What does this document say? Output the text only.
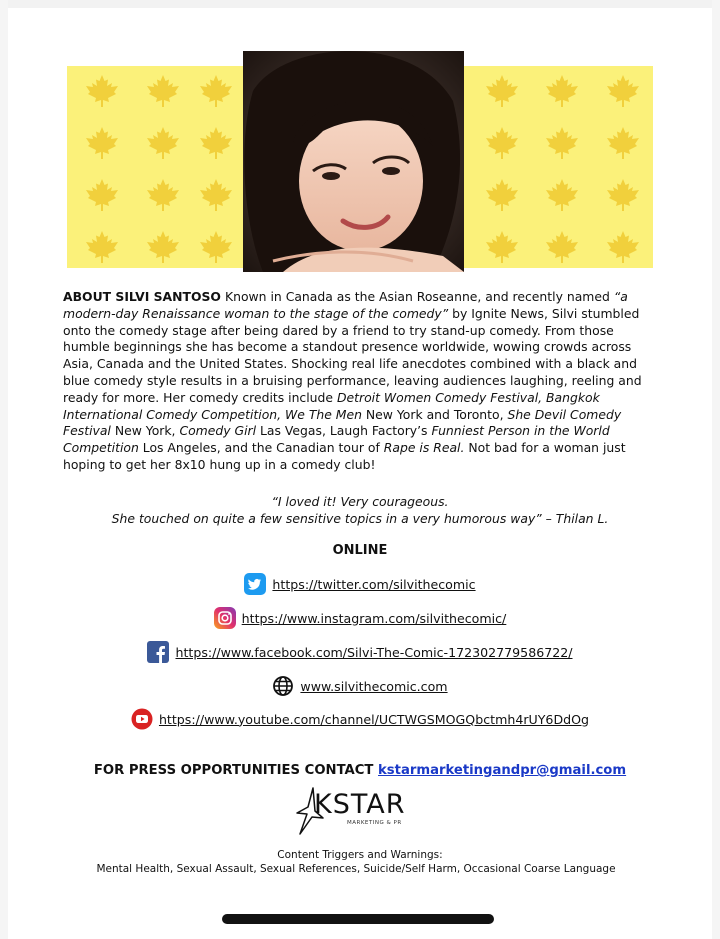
ABOUT SILVI SANTOSO Known in Canada as the Asian Roseanne, and recently named “a modern-day Renaissance woman to the stage of the comedy” by Ignite News, Silvi stumbled onto the comedy stage after being dared by a friend to try stand-up comedy. From those humble beginnings she has become a standout presence worldwide, wowing crowds across Asia, Canada and the United States. Shocking real life anecdotes combined with a black and blue comedy style results in a bruising performance, leaving audiences laughing, reeling and ready for more. Her comedy credits include Detroit Women Comedy Festival, Bangkok International Comedy Competition, We The Men New York and Toronto, She Devil Comedy Festival New York, Comedy Girl Las Vegas, Laugh Factory’s Funniest Person in the World Competition Los Angeles, and the Canadian tour of Rape is Real. Not bad for a woman just hoping to get her 8x10 hung up in a comedy club!
“I loved it! Very courageous.
She touched on quite a few sensitive topics in a very humorous way” – Thilan L.
ONLINE
https://twitter.com/silvithecomic
https://www.instagram.com/silvithecomic/
https://www.facebook.com/Silvi-The-Comic-172302779586722/
www.silvithecomic.com
https://www.youtube.com/channel/UCTWGSMOGQbctmh4rUY6DdOg
FOR PRESS OPPORTUNITIES CONTACT kstarmarketingandpr@gmail.com
KSTAR
MARKETING & PR
Content Triggers and Warnings:
Mental Health, Sexual Assault, Sexual References, Suicide/Self Harm, Occasional Coarse Language
